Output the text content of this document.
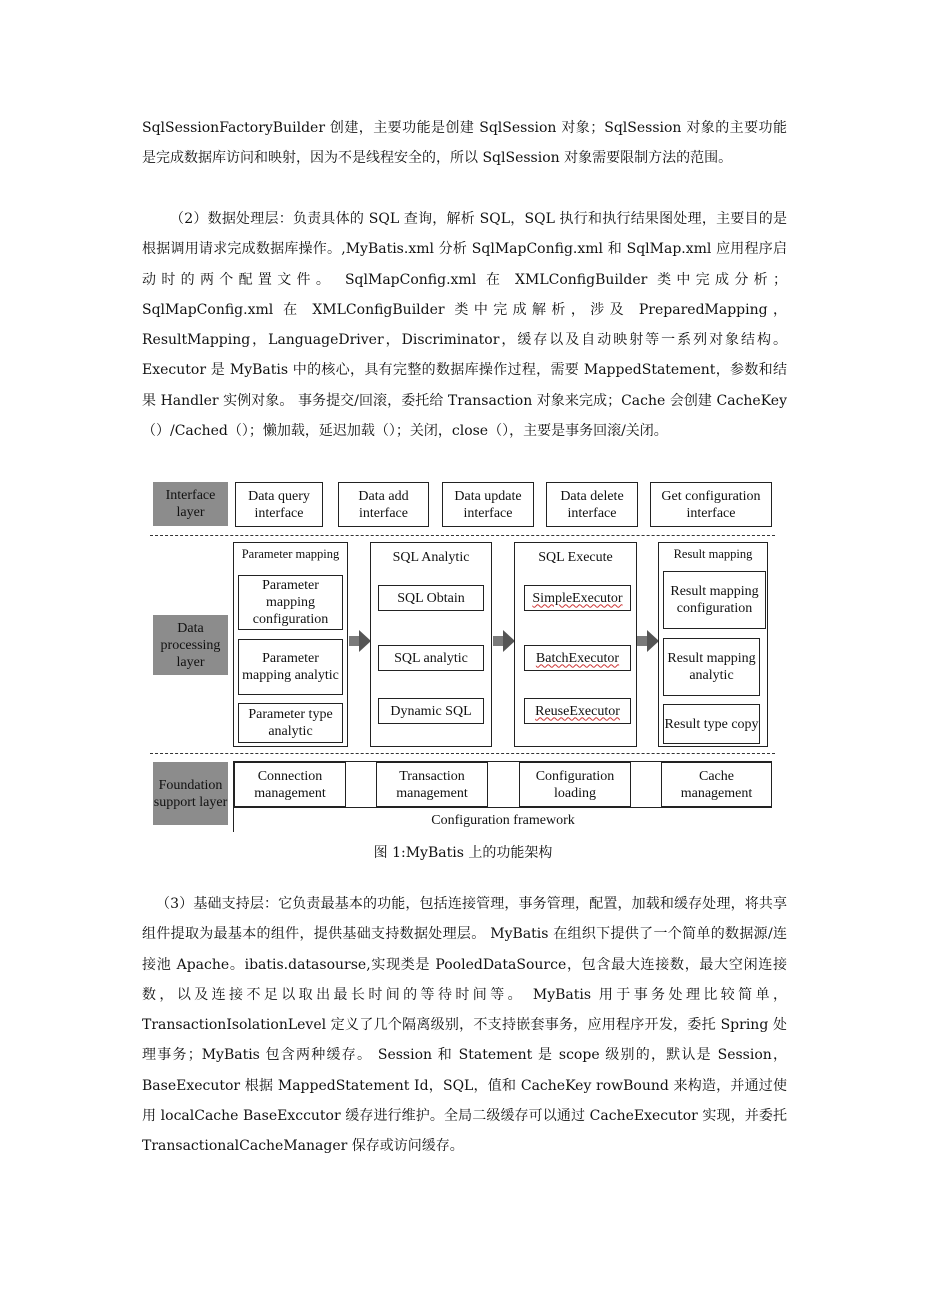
SqlSessionFactoryBuilder 创建，主要功能是创建 SqlSession 对象；SqlSession 对象的主要功能是完成数据库访问和映射，因为不是线程安全的，所以 SqlSession 对象需要限制方法的范围。

（2）数据处理层：负责具体的 SQL 查询，解析 SQL，SQL 执行和执行结果图处理，主要目的是根据调用请求完成数据库操作。,MyBatis.xml 分析 SqlMapConfig.xml 和 SqlMap.xml 应用程序启动时的两个配置文件。 SqlMapConfig.xml 在 XMLConfigBuilder 类中完成分析；SqlMapConfig.xml 在 XMLConfigBuilder 类中完成解析，涉及 PreparedMapping，ResultMapping，LanguageDriver，Discriminator，缓存以及自动映射等一系列对象结构。Executor 是 MyBatis 中的核心，具有完整的数据库操作过程，需要 MappedStatement，参数和结果 Handler 实例对象。 事务提交/回滚，委托给 Transaction 对象来完成；Cache 会创建 CacheKey（）/Cached（）；懒加载，延迟加载（）；关闭，close（），主要是事务回滚/关闭。

Interface layer
Data query interface
Data add interface
Data update interface
Data delete interface
Get configuration interface
Data processing layer
Parameter mapping
Parameter mapping configuration
Parameter mapping analytic
Parameter type analytic
SQL Analytic
SQL Obtain
SQL analytic
Dynamic SQL
SQL Execute
SimpleExecutor
BatchExecutor
ReuseExecutor
Result mapping
Result mapping configuration
Result mapping analytic
Result type copy
Foundation support layer
Connection management
Transaction management
Configuration loading
Cache management
Configuration framework
图 1:MyBatis 上的功能架构

（3）基础支持层：它负责最基本的功能，包括连接管理，事务管理，配置，加载和缓存处理，将共享组件提取为最基本的组件，提供基础支持数据处理层。 MyBatis 在组织下提供了一个简单的数据源/连接池 Apache。ibatis.datasourse,实现类是 PooledDataSource，包含最大连接数，最大空闲连接数，以及连接不足以取出最长时间的等待时间等。 MyBatis 用于事务处理比较简单，TransactionIsolationLevel 定义了几个隔离级别，不支持嵌套事务，应用程序开发，委托 Spring 处理事务；MyBatis 包含两种缓存。 Session 和 Statement 是 scope 级别的，默认是 Session，BaseExecutor 根据 MappedStatement Id，SQL，值和 CacheKey rowBound 来构造，并通过使用 localCache BaseExccutor 缓存进行维护。全局二级缓存可以通过 CacheExecutor 实现，并委托 TransactionalCacheManager 保存或访问缓存。
